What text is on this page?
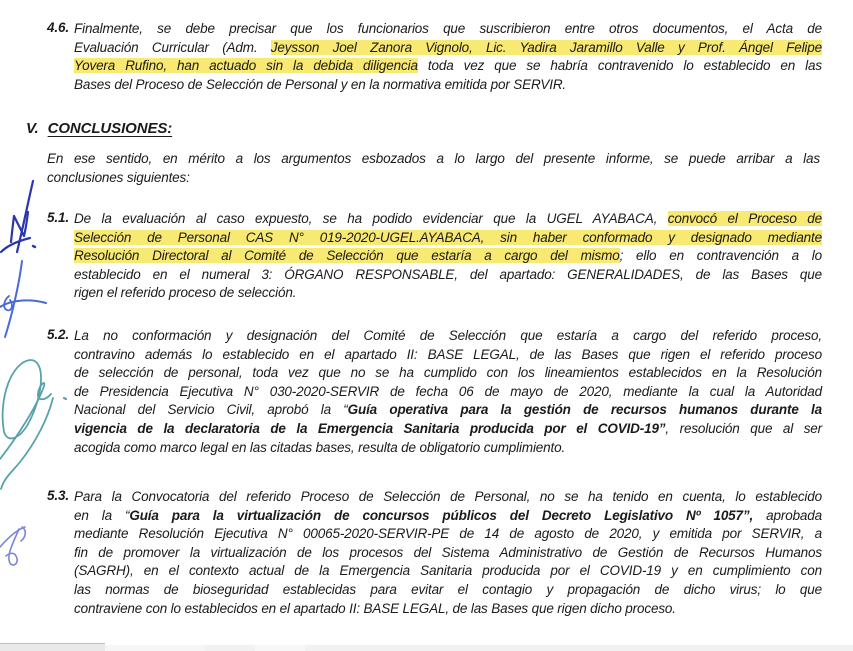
4.6. Finalmente, se debe precisar que los funcionarios que suscribieron entre otros documentos, el Acta de
Evaluación Curricular (Adm. Jeysson Joel Zanora Vignolo, Lic. Yadira Jaramillo Valle y Prof. Ángel Felipe
Yovera Rufino, han actuado sin la debida diligencia toda vez que se habría contravenido lo establecido en las
Bases del Proceso de Selección de Personal y en la normativa emitida por SERVIR.
V. CONCLUSIONES:
En ese sentido, en mérito a los argumentos esbozados a lo largo del presente informe, se puede arribar a las
conclusiones siguientes:
5.1. De la evaluación al caso expuesto, se ha podido evidenciar que la UGEL AYABACA, convocó el Proceso de
Selección de Personal CAS N° 019-2020-UGEL.AYABACA, sin haber conformado y designado mediante
Resolución Directoral al Comité de Selección que estaría a cargo del mismo; ello en contravención a lo
establecido en el numeral 3: ÓRGANO RESPONSABLE, del apartado: GENERALIDADES, de las Bases que
rigen el referido proceso de selección.
5.2. La no conformación y designación del Comité de Selección que estaría a cargo del referido proceso,
contravino además lo establecido en el apartado II: BASE LEGAL, de las Bases que rigen el referido proceso
de selección de personal, toda vez que no se ha cumplido con los lineamientos establecidos en la Resolución
de Presidencia Ejecutiva N° 030-2020-SERVIR de fecha 06 de mayo de 2020, mediante la cual la Autoridad
Nacional del Servicio Civil, aprobó la “Guía operativa para la gestión de recursos humanos durante la
vigencia de la declaratoria de la Emergencia Sanitaria producida por el COVID-19”, resolución que al ser
acogida como marco legal en las citadas bases, resulta de obligatorio cumplimiento.
5.3. Para la Convocatoria del referido Proceso de Selección de Personal, no se ha tenido en cuenta, lo establecido
en la “Guía para la virtualización de concursos públicos del Decreto Legislativo Nº 1057”, aprobada
mediante Resolución Ejecutiva N° 00065-2020-SERVIR-PE de 14 de agosto de 2020, y emitida por SERVIR, a
fin de promover la virtualización de los procesos del Sistema Administrativo de Gestión de Recursos Humanos
(SAGRH), en el contexto actual de la Emergencia Sanitaria producida por el COVID-19 y en cumplimiento con
las normas de bioseguridad establecidas para evitar el contagio y propagación de dicho virus; lo que
contraviene con lo establecidos en el apartado II: BASE LEGAL, de las Bases que rigen dicho proceso.
